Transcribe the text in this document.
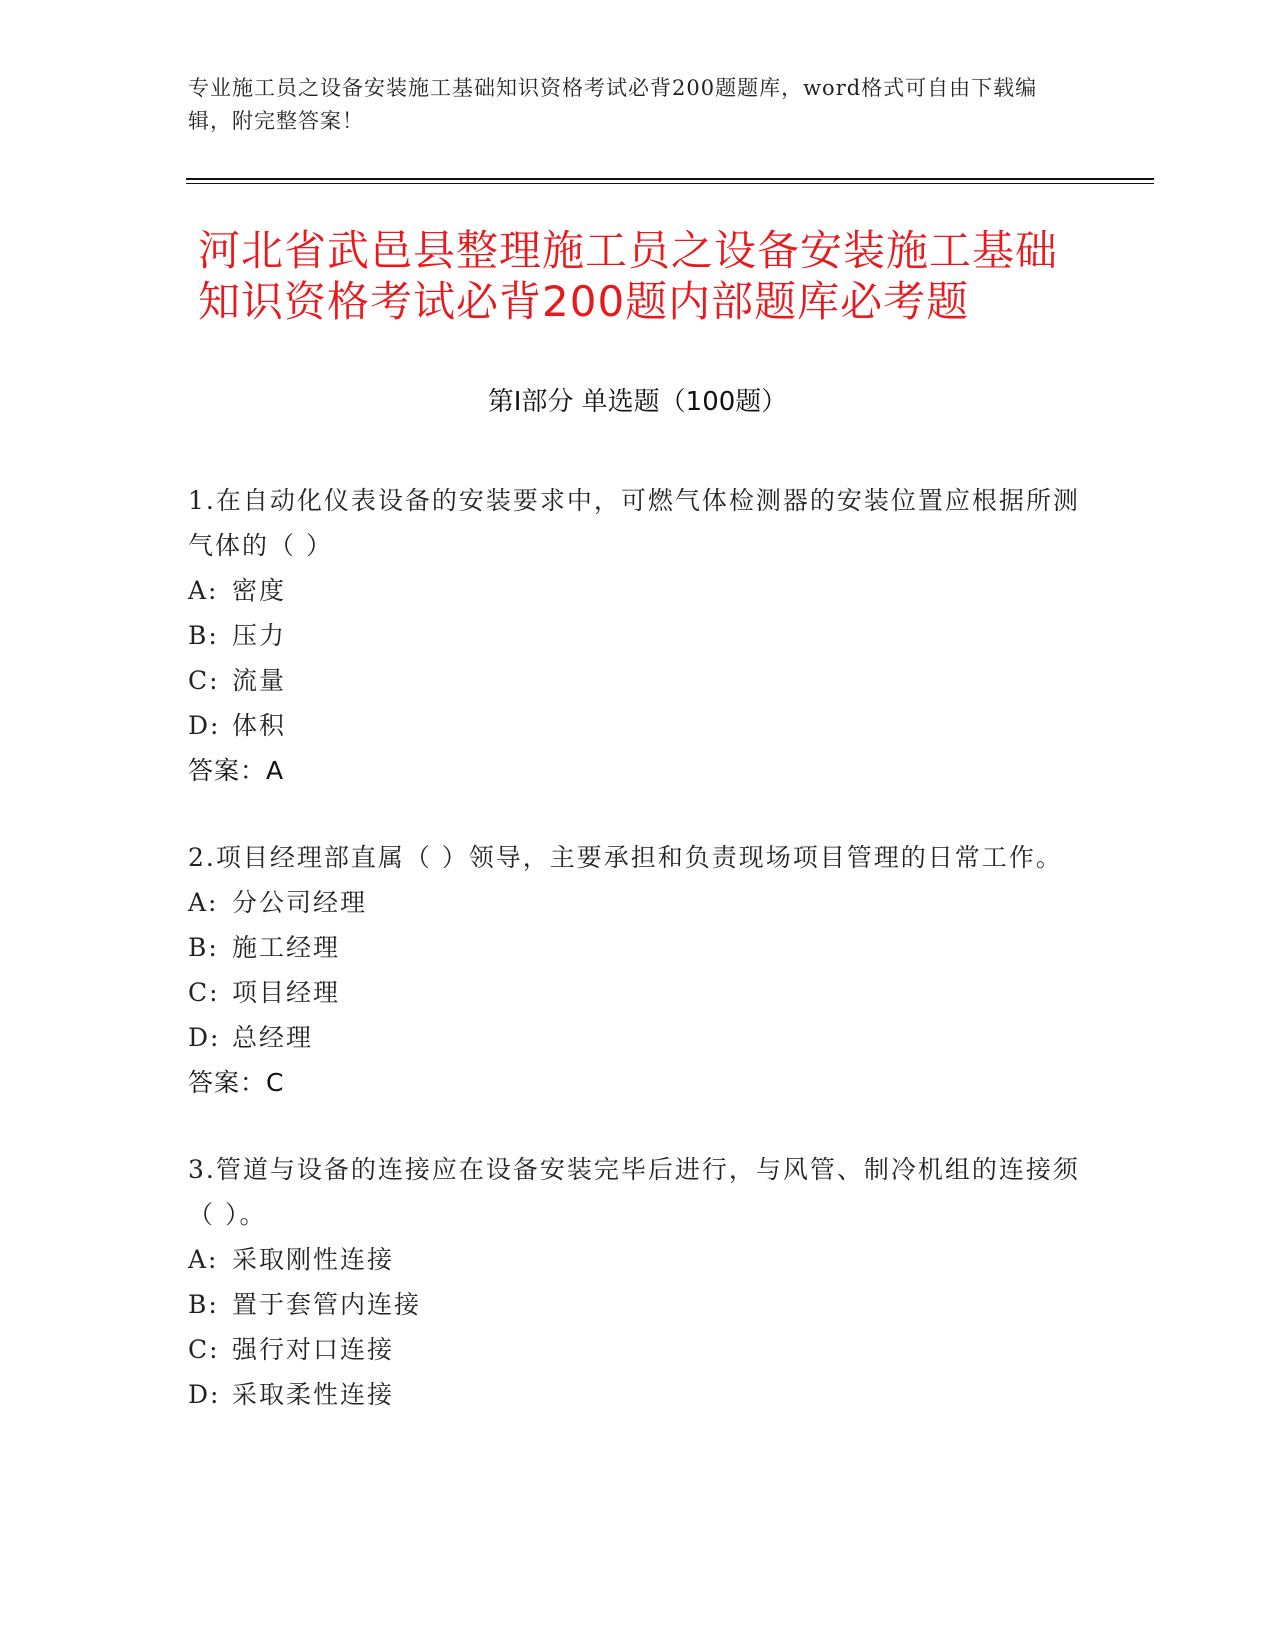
专业施工员之设备安装施工基础知识资格考试必背200题题库，word格式可自由下载编辑，附完整答案！
河北省武邑县整理施工员之设备安装施工基础知识资格考试必背200题内部题库必考题
第Ⅰ部分 单选题（100题）
1.在自动化仪表设备的安装要求中，可燃气体检测器的安装位置应根据所测气体的（ ）
A: 密度
B: 压力
C: 流量
D: 体积
答案：A
2.项目经理部直属（ ）领导，主要承担和负责现场项目管理的日常工作。
A: 分公司经理
B: 施工经理
C: 项目经理
D: 总经理
答案：C
3.管道与设备的连接应在设备安装完毕后进行，与风管、制冷机组的连接须（ ）。
A: 采取刚性连接
B: 置于套管内连接
C: 强行对口连接
D: 采取柔性连接
